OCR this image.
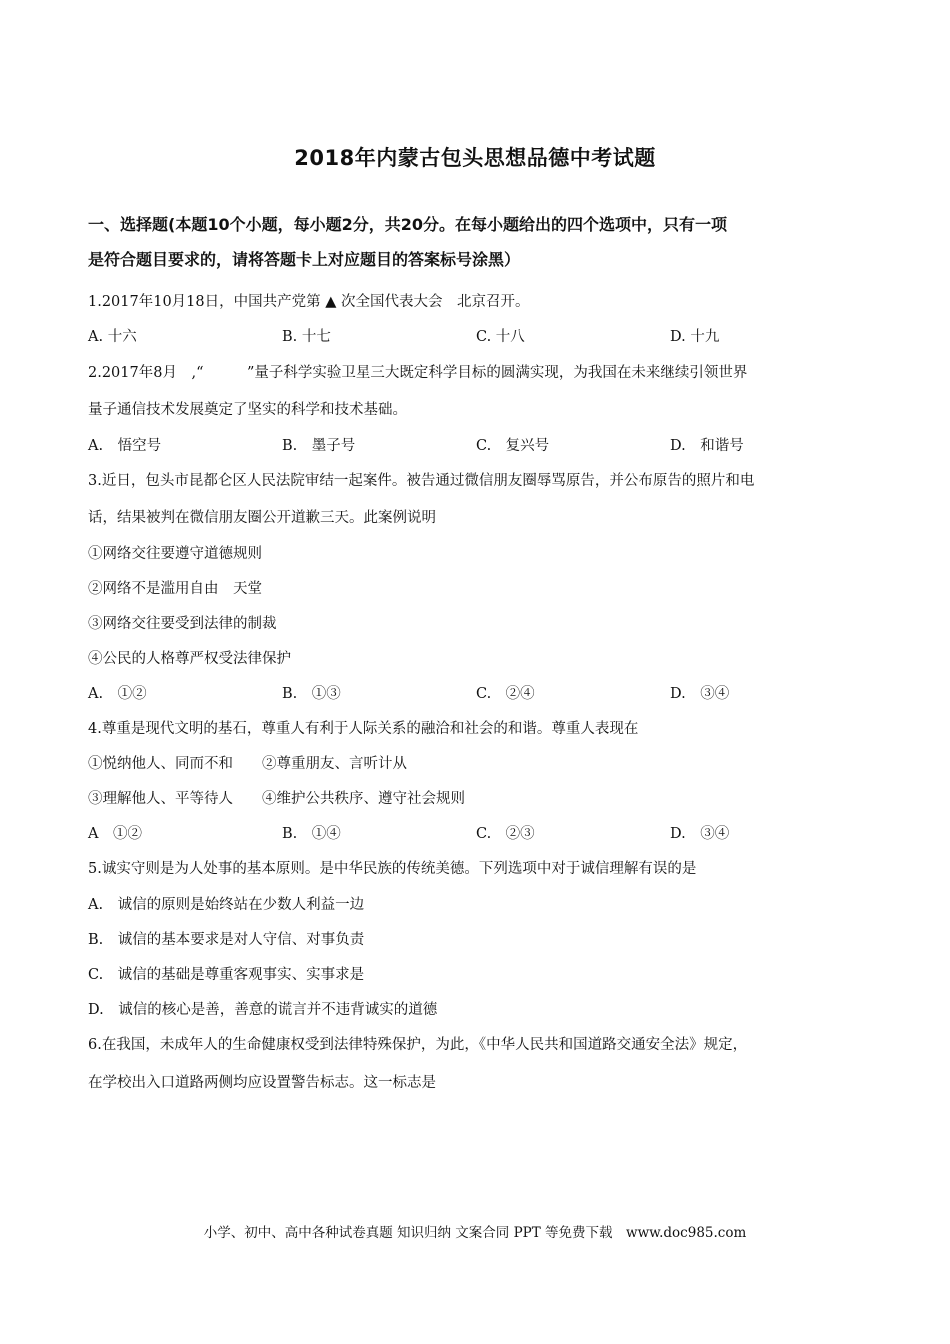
2018年内蒙古包头思想品德中考试题
一、选择题(本题10个小题，每小题2分，共20分。在每小题给出的四个选项中，只有一项
是符合题目要求的，请将答题卡上对应题目的答案标号涂黑）
1.2017年10月18日，中国共产党第 ▲ 次全国代表大会　北京召开。
A. 十六	B. 十七	C. 十八	D. 十九
2.2017年8月　,“　　　”量子科学实验卫星三大既定科学目标的圆满实现，为我国在未来继续引领世界
量子通信技术发展奠定了坚实的科学和技术基础。
A.　悟空号	B.　墨子号	C.　复兴号	D.　和谐号
3.近日，包头市昆都仑区人民法院审结一起案件。被告通过微信朋友圈辱骂原告，并公布原告的照片和电
话，结果被判在微信朋友圈公开道歉三天。此案例说明
①网络交往要遵守道德规则
②网络不是滥用自由　天堂
③网络交往要受到法律的制裁
④公民的人格尊严权受法律保护
A.　①②	B.　①③	C.　②④	D.　③④
4.尊重是现代文明的基石，尊重人有利于人际关系的融洽和社会的和谐。尊重人表现在
①悦纳他人、同而不和　　②尊重朋友、言听计从
③理解他人、平等待人　　④维护公共秩序、遵守社会规则
A　①②	B.　①④	C.　②③	D.　③④
5.诚实守则是为人处事的基本原则。是中华民族的传统美德。下列选项中对于诚信理解有误的是
A.　诚信的原则是始终站在少数人利益一边
B.　诚信的基本要求是对人守信、对事负责
C.　诚信的基础是尊重客观事实、实事求是
D.　诚信的核心是善，善意的谎言并不违背诚实的道德
6.在我国，未成年人的生命健康权受到法律特殊保护，为此，《中华人民共和国道路交通安全法》规定，
在学校出入口道路两侧均应设置警告标志。这一标志是
小学、初中、高中各种试卷真题 知识归纳 文案合同 PPT 等免费下载　www.doc985.com
